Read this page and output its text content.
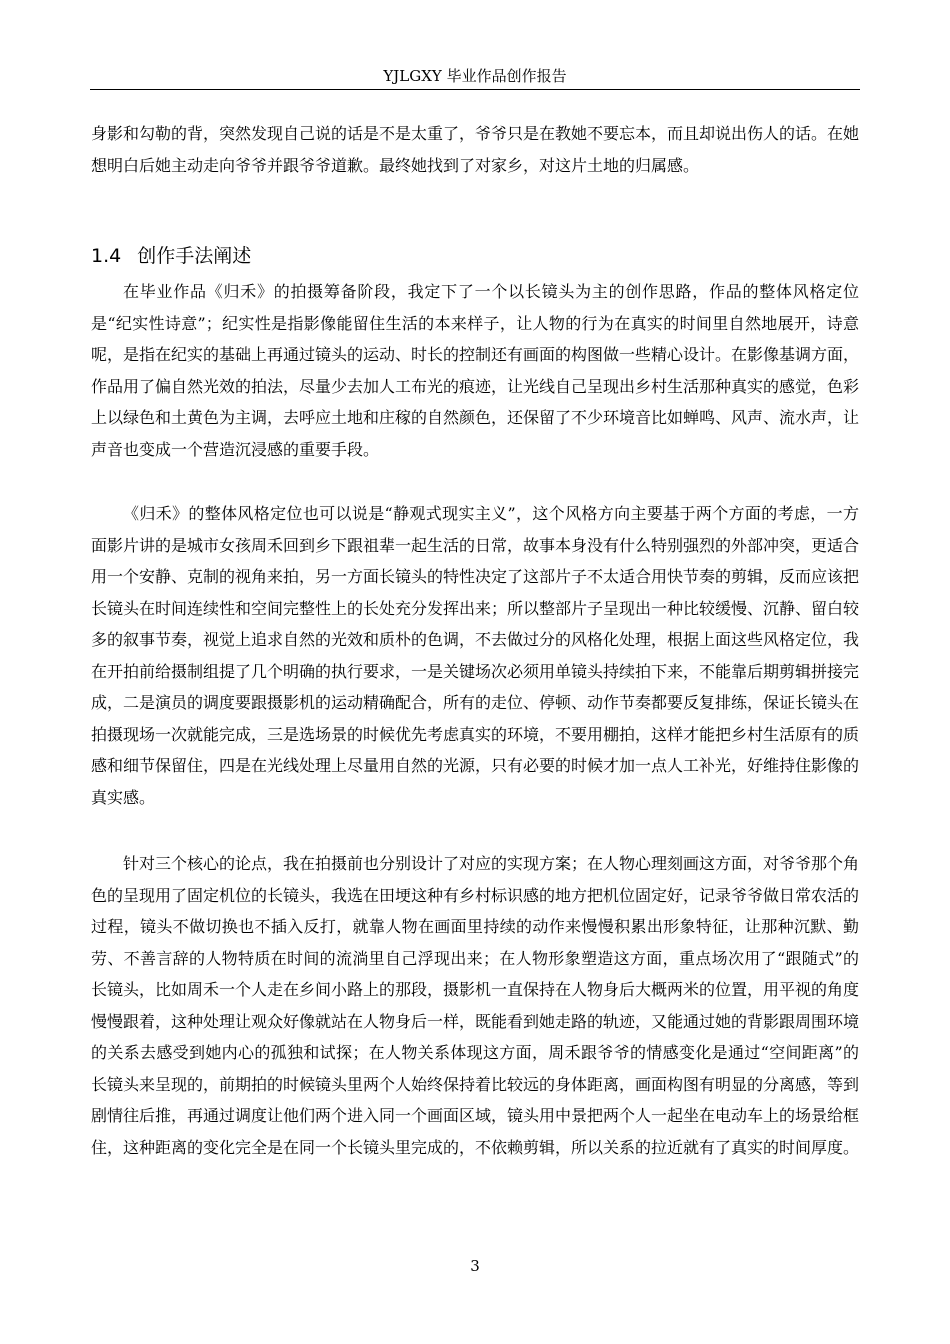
YJLGXY 毕业作品创作报告

身影和勾勒的背，突然发现自己说的话是不是太重了，爷爷只是在教她不要忘本，而且却说出伤人的话。在她想明白后她主动走向爷爷并跟爷爷道歉。最终她找到了对家乡，对这片土地的归属感。

1.4 创作手法阐述

在毕业作品《归禾》的拍摄筹备阶段，我定下了一个以长镜头为主的创作思路，作品的整体风格定位是“纪实性诗意”；纪实性是指影像能留住生活的本来样子，让人物的行为在真实的时间里自然地展开，诗意呢，是指在纪实的基础上再通过镜头的运动、时长的控制还有画面的构图做一些精心设计。在影像基调方面，作品用了偏自然光效的拍法，尽量少去加人工布光的痕迹，让光线自己呈现出乡村生活那种真实的感觉，色彩上以绿色和土黄色为主调，去呼应土地和庄稼的自然颜色，还保留了不少环境音比如蝉鸣、风声、流水声，让声音也变成一个营造沉浸感的重要手段。

《归禾》的整体风格定位也可以说是“静观式现实主义”，这个风格方向主要基于两个方面的考虑，一方面影片讲的是城市女孩周禾回到乡下跟祖辈一起生活的日常，故事本身没有什么特别强烈的外部冲突，更适合用一个安静、克制的视角来拍，另一方面长镜头的特性决定了这部片子不太适合用快节奏的剪辑，反而应该把长镜头在时间连续性和空间完整性上的长处充分发挥出来；所以整部片子呈现出一种比较缓慢、沉静、留白较多的叙事节奏，视觉上追求自然的光效和质朴的色调，不去做过分的风格化处理，根据上面这些风格定位，我在开拍前给摄制组提了几个明确的执行要求，一是关键场次必须用单镜头持续拍下来，不能靠后期剪辑拼接完成，二是演员的调度要跟摄影机的运动精确配合，所有的走位、停顿、动作节奏都要反复排练，保证长镜头在拍摄现场一次就能完成，三是选场景的时候优先考虑真实的环境，不要用棚拍，这样才能把乡村生活原有的质感和细节保留住，四是在光线处理上尽量用自然的光源，只有必要的时候才加一点人工补光，好维持住影像的真实感。

针对三个核心的论点，我在拍摄前也分别设计了对应的实现方案；在人物心理刻画这方面，对爷爷那个角色的呈现用了固定机位的长镜头，我选在田埂这种有乡村标识感的地方把机位固定好，记录爷爷做日常农活的过程，镜头不做切换也不插入反打，就靠人物在画面里持续的动作来慢慢积累出形象特征，让那种沉默、勤劳、不善言辞的人物特质在时间的流淌里自己浮现出来；在人物形象塑造这方面，重点场次用了“跟随式”的长镜头，比如周禾一个人走在乡间小路上的那段，摄影机一直保持在人物身后大概两米的位置，用平视的角度慢慢跟着，这种处理让观众好像就站在人物身后一样，既能看到她走路的轨迹，又能通过她的背影跟周围环境的关系去感受到她内心的孤独和试探；在人物关系体现这方面，周禾跟爷爷的情感变化是通过“空间距离”的长镜头来呈现的，前期拍的时候镜头里两个人始终保持着比较远的身体距离，画面构图有明显的分离感，等到剧情往后推，再通过调度让他们两个进入同一个画面区域，镜头用中景把两个人一起坐在电动车上的场景给框住，这种距离的变化完全是在同一个长镜头里完成的，不依赖剪辑，所以关系的拉近就有了真实的时间厚度。

3
